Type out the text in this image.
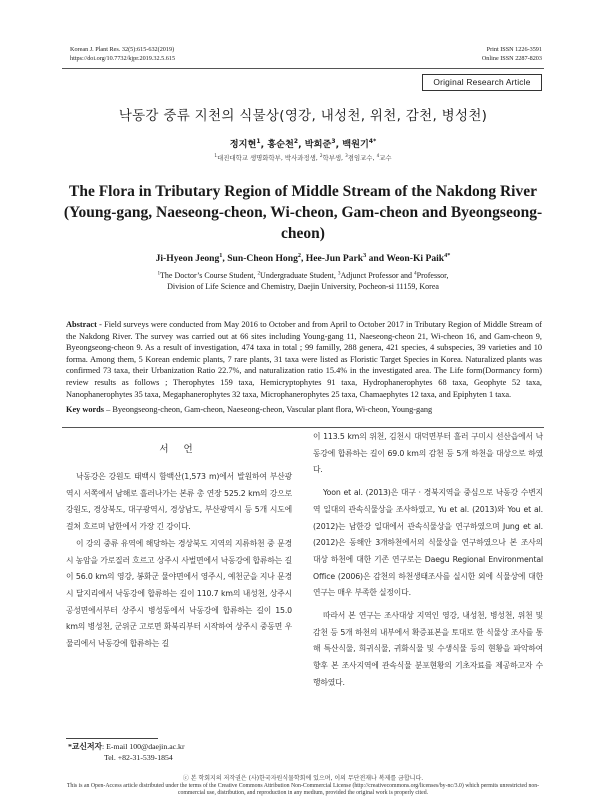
Korean J. Plant Res. 32(5):615-632(2019)
https://doi.org/10.7732/kjpr.2019.32.5.615
Print ISSN 1226-3591
Online ISSN 2287-8203
Original Research Article
낙동강 중류 지천의 식물상(영강, 내성천, 위천, 감천, 병성천)
정지현$^1$, 홍순천$^2$, 박희준$^3$, 백원기$^{4*}$
$^1$대진대학교 생명화학부, 박사과정생, $^2$학부생, $^3$겸임교수, $^4$교수
The Flora in Tributary Region of Middle Stream of the Nakdong River (Young-gang, Naeseong-cheon, Wi-cheon, Gam-cheon and Byeongseong-cheon)
Ji-Hyeon Jeong$^1$, Sun-Cheon Hong$^2$, Hee-Jun Park$^3$ and Weon-Ki Paik$^{4*}$
$^1$The Doctor’s Course Student, $^2$Undergraduate Student, $^3$Adjunct Professor and $^4$Professor,
Division of Life Science and Chemistry, Daejin University, Pocheon-si 11159, Korea
Abstract - Field surveys were conducted from May 2016 to October and from April to October 2017 in Tributary Region of Middle Stream of the Nakdong River. The survey was carried out at 66 sites including Young-gang 11, Naeseong-cheon 21, Wi-cheon 16, and Gam-cheon 9, Byeongseong-cheon 9. As a result of investigation, 474 taxa in total ; 99 familly, 288 genera, 421 species, 4 subspecies, 39 varieties and 10 forma. Among them, 5 Korean endemic plants, 7 rare plants, 31 taxa were listed as Floristic Target Species in Korea. Naturalized plants was confirmed 73 taxa, their Urbanization Ratio 22.7%, and naturalization ratio 15.4% in the investigated area. The Life form(Dormancy form) review results as follows ; Therophytes 159 taxa, Hemicryptophytes 91 taxa, Hydrophanerophytes 68 taxa, Geophyte 52 taxa, Nanophanerophytes 35 taxa, Megaphanerophytes 32 taxa, Microphanerophytes 25 taxa, Chamaephytes 12 taxa, and Epiphyten 1 taxa.
Key words – Byeongseong-cheon, Gam-cheon, Naeseong-cheon, Vascular plant flora, Wi-cheon, Young-gang
서 언

낙동강은 강원도 태백시 함백산(1,573 m)에서 발원하여 부산광역시 서쪽에서 남해로 흘러나가는 본류 총 연장 525.2 km의 강으로 강원도, 경상북도, 대구광역시, 경상남도, 부산광역시 등 5개 시도에 걸쳐 흐르며 남한에서 가장 긴 강이다.

이 강의 중류 유역에 해당하는 경상북도 지역의 지류하천 중 문경시 농암을 가로질러 흐르고 상주시 사벌면에서 낙동강에 합류하는 길이 56.0 km의 영강, 봉화군 물야면에서 영주시, 예천군을 지나 문경시 달지리에서 낙동강에 합류하는 길이 110.7 km의 내성천, 상주시 공성면에서부터 상주시 병성동에서 낙동강에 합류하는 길이 15.0 km의 병성천, 군위군 고로면 화북리부터 시작하여 상주시 중동면 우물리에서 낙동강에 합류하는 길

이 113.5 km의 위천, 김천시 대덕면부터 흘러 구미시 선산읍에서 낙동강에 합류하는 길이 69.0 km의 감천 등 5개 하천을 대상으로 하였다.

Yoon et al. (2013)은 대구 · 경북지역을 중심으로 낙동강 수변지역 일대의 관속식물상을 조사하였고, Yu et al. (2013)와 You et al. (2012)는 남한강 일대에서 관속식물상을 연구하였으며 Jung et al. (2012)은 동해안 3개하천에서의 식물상을 연구하였으나 본 조사의 대상 하천에 대한 기존 연구로는 Daegu Regional Environmental Office (2006)은 감천의 하천생태조사를 실시한 외에 식물상에 대한 연구는 매우 부족한 실정이다.

따라서 본 연구는 조사대상 지역인 영강, 내성천, 병성천, 위천 및 감천 등 5개 하천의 내부에서 확증표본을 토대로 한 식물상 조사를 통해 특산식물, 희귀식물, 귀화식물 및 수생식물 등의 현황을 파악하여 향후 본 조사지역에 관속식물 분포현황의 기초자료를 제공하고자 수행하였다.

*교신저자: E-mail 100@daejin.ac.kr
Tel. +82-31-539-1854
ⓒ 본 학회지의 저작권은 (사)한국자원식물학회에 있으며, 이의 무단전재나 복제를 금합니다.
This is an Open-Access article distributed under the terms of the Creative Commons Attribution Non-Commercial License (http://creativecommons.org/licenses/by-nc/3.0) which permits unrestricted non-commercial use, distribution, and reproduction in any medium, provided the original work is properly cited.
